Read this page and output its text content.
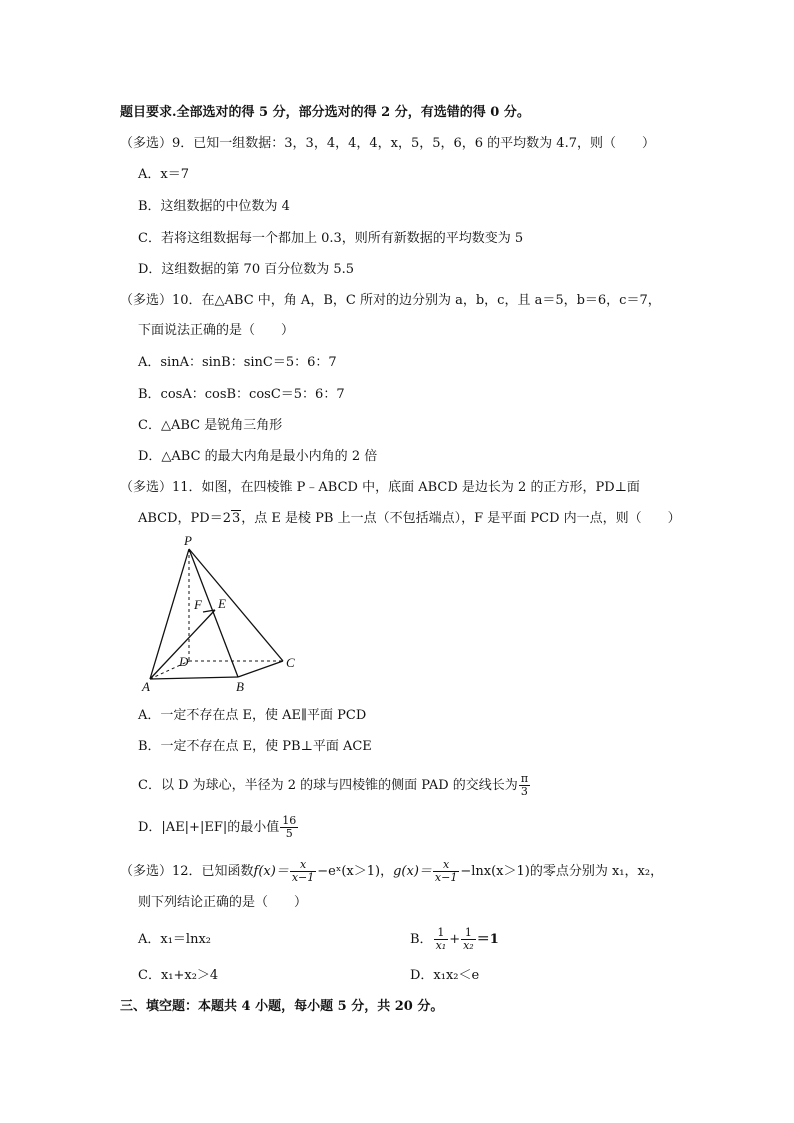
题目要求.全部选对的得 5 分，部分选对的得 2 分，有选错的得 0 分。
（多选）9．已知一组数据：3，3，4，4，4，x，5，5，6，6 的平均数为 4.7，则（　　）
A．x＝7
B．这组数据的中位数为 4
C．若将这组数据每一个都加上 0.3，则所有新数据的平均数变为 5
D．这组数据的第 70 百分位数为 5.5
（多选）10．在△ABC 中，角 A，B，C 所对的边分别为 a，b，c，且 a＝5，b＝6，c＝7，
下面说法正确的是（　　）
A．sinA：sinB：sinC＝5：6：7
B．cosA：cosB：cosC＝5：6：7
C．△ABC 是锐角三角形
D．△ABC 的最大内角是最小内角的 2 倍
（多选）11．如图，在四棱锥 P﹣ABCD 中，底面 ABCD 是边长为 2 的正方形，PD⊥面
ABCD，PD＝23，点 E 是棱 PB 上一点（不包括端点），F 是平面 PCD 内一点，则（　　）
P
F E
D	C
A	B
A．一定不存在点 E，使 AE∥平面 PCD
B．一定不存在点 E，使 PB⊥平面 ACE
C．以 D 为球心，半径为 2 的球与四棱锥的侧面 PAD 的交线长为 $\frac{\pi}{3}$
D．|AE|+|EF|的最小值 $\frac{16}{5}$
（多选）12．已知函数$f(x)= \frac{x}{x-1}$ −eˣ(x＞1)，$g(x)= \frac{x}{x-1} -\ln x(x>1)$的零点分别为 x₁，x₂，
则下列结论正确的是（　　）
A．x₁＝lnx₂	B． $\frac{1}{\text{x₁}} + \frac{1}{\text{x₂}} =1$
C．x₁+x₂＞4	D．x₁x₂＜e
三、填空题：本题共 4 小题，每小题 5 分，共 20 分。
